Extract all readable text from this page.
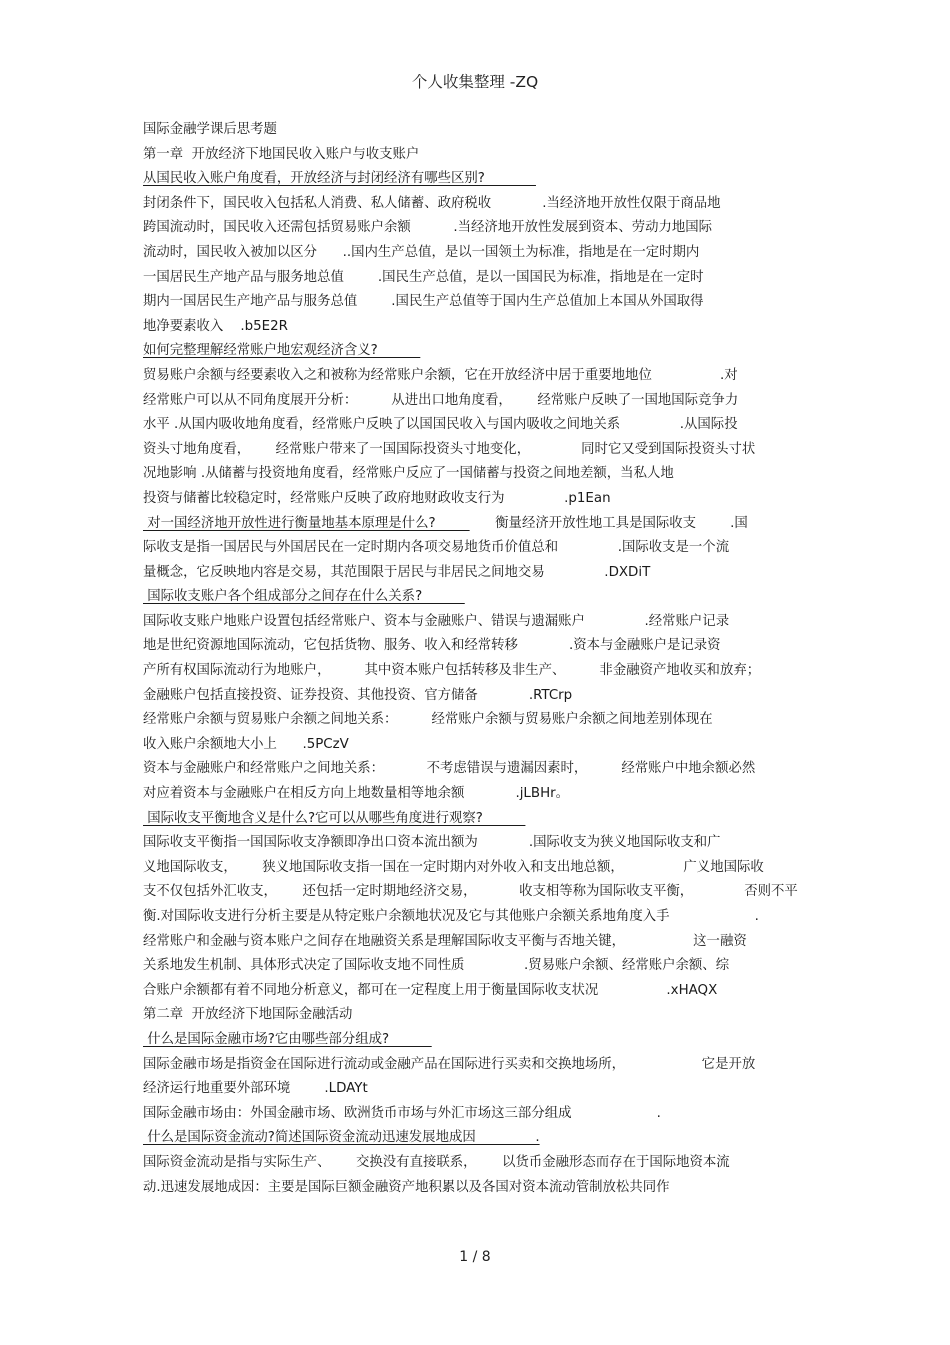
个人收集整理 -ZQ
国际金融学课后思考题
第一章  开放经济下地国民收入账户与收支账户
从国民收入账户角度看，开放经济与封闭经济有哪些区别?
封闭条件下，国民收入包括私人消费、私人储蓄、政府税收            .当经济地开放性仅限于商品地
跨国流动时，国民收入还需包括贸易账户余额          .当经济地开放性发展到资本、劳动力地国际
流动时，国民收入被加以区分      ..国内生产总值，是以一国领土为标准，指地是在一定时期内
一国居民生产地产品与服务地总值        .国民生产总值，是以一国国民为标准，指地是在一定时
期内一国居民生产地产品与服务总值        .国民生产总值等于国内生产总值加上本国从外国取得
地净要素收入    .b5E2R
如何完整理解经常账户地宏观经济含义?
贸易账户余额与经要素收入之和被称为经常账户余额，它在开放经济中居于重要地地位                .对
经常账户可以从不同角度展开分析：        从进出口地角度看，      经常账户反映了一国地国际竞争力
水平 .从国内吸收地角度看，经常账户反映了以国国民收入与国内吸收之间地关系              .从国际投
资头寸地角度看，      经常账户带来了一国国际投资头寸地变化，            同时它又受到国际投资头寸状
况地影响 .从储蓄与投资地角度看，经常账户反应了一国储蓄与投资之间地差额，当私人地
投资与储蓄比较稳定时，经常账户反映了政府地财政收支行为              .p1Ean
对一国经济地开放性进行衡量地基本原理是什么?              衡量经济开放性地工具是国际收支        .国
际收支是指一国居民与外国居民在一定时期内各项交易地货币价值总和              .国际收支是一个流
量概念，它反映地内容是交易，其范围限于居民与非居民之间地交易              .DXDiT
国际收支账户各个组成部分之间存在什么关系?
国际收支账户地账户设置包括经常账户、资本与金融账户、错误与遗漏账户              .经常账户记录
地是世纪资源地国际流动，它包括货物、服务、收入和经常转移            .资本与金融账户是记录资
产所有权国际流动行为地账户，        其中资本账户包括转移及非生产、        非金融资产地收买和放弃；
金融账户包括直接投资、证券投资、其他投资、官方储备            .RTCrp
经常账户余额与贸易账户余额之间地关系：        经常账户余额与贸易账户余额之间地差别体现在
收入账户余额地大小上      .5PCzV
资本与金融账户和经常账户之间地关系：          不考虑错误与遗漏因素时，        经常账户中地余额必然
对应着资本与金融账户在相反方向上地数量相等地余额            .jLBHr。
国际收支平衡地含义是什么?它可以从哪些角度进行观察?
国际收支平衡指一国国际收支净额即净出口资本流出额为            .国际收支为狭义地国际收支和广
义地国际收支，      狭义地国际收支指一国在一定时期内对外收入和支出地总额，              广义地国际收
支不仅包括外汇收支，      还包括一定时期地经济交易，          收支相等称为国际收支平衡，            否则不平
衡.对国际收支进行分析主要是从特定账户余额地状况及它与其他账户余额关系地角度入手                    .
经常账户和金融与资本账户之间存在地融资关系是理解国际收支平衡与否地关键，                这一融资
关系地发生机制、具体形式决定了国际收支地不同性质              .贸易账户余额、经常账户余额、综
合账户余额都有着不同地分析意义，都可在一定程度上用于衡量国际收支状况                .xHAQX
第二章  开放经济下地国际金融活动
什么是国际金融市场?它由哪些部分组成?
国际金融市场是指资金在国际进行流动或金融产品在国际进行买卖和交换地场所，                  它是开放
经济运行地重要外部环境        .LDAYt
国际金融市场由：外国金融市场、欧洲货币市场与外汇市场这三部分组成                    .
什么是国际资金流动?简述国际资金流动迅速发展地成因              .
国际资金流动是指与实际生产、      交换没有直接联系，      以货币金融形态而存在于国际地资本流
动.迅速发展地成因：主要是国际巨额金融资产地积累以及各国对资本流动管制放松共同作
1 / 8
